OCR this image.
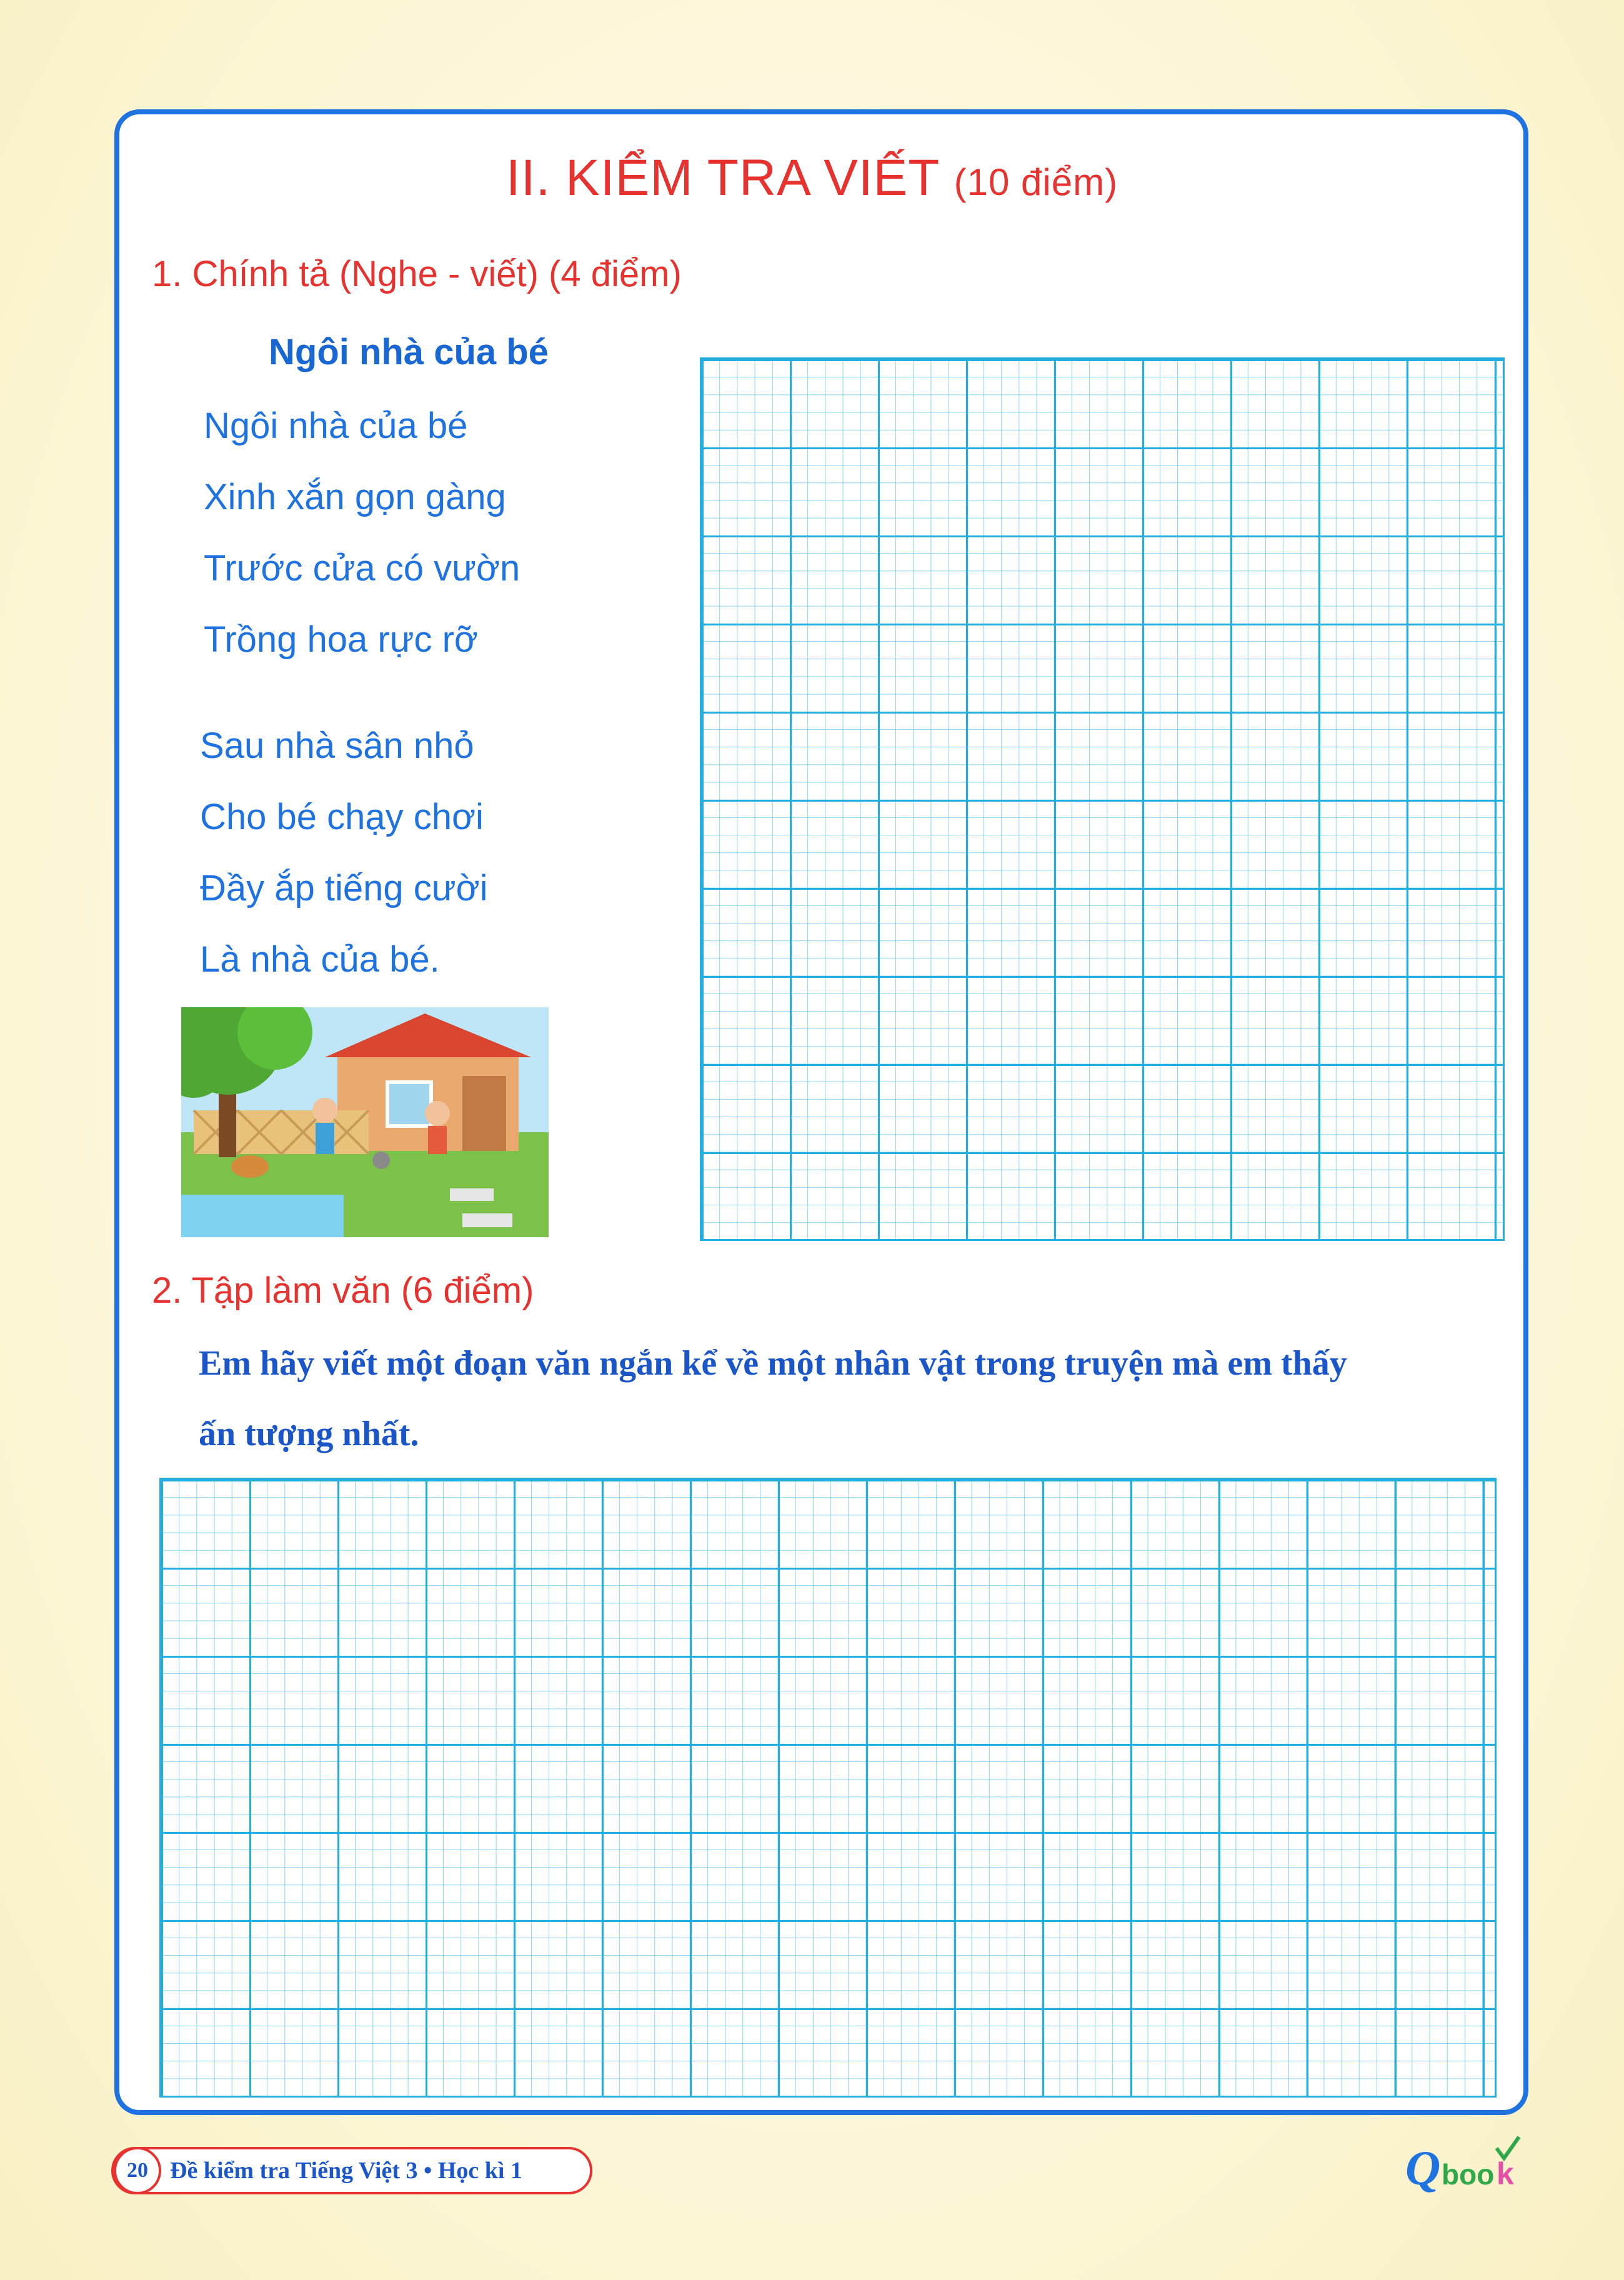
II. KIỂM TRA VIẾT (10 điểm)
1. Chính tả (Nghe - viết) (4 điểm)
Ngôi nhà của bé
Ngôi nhà của bé
Xinh xắn gọn gàng
Trước cửa có vườn
Trồng hoa rực rỡ
Sau nhà sân nhỏ
Cho bé chạy chơi
Đầy ắp tiếng cười
Là nhà của bé.
2. Tập làm văn (6 điểm)
Em hãy viết một đoạn văn ngắn kể về một nhân vật trong truyện mà em thấy
ấn tượng nhất.
20 Đề kiểm tra Tiếng Việt 3 • Học kì 1	Q boo k
